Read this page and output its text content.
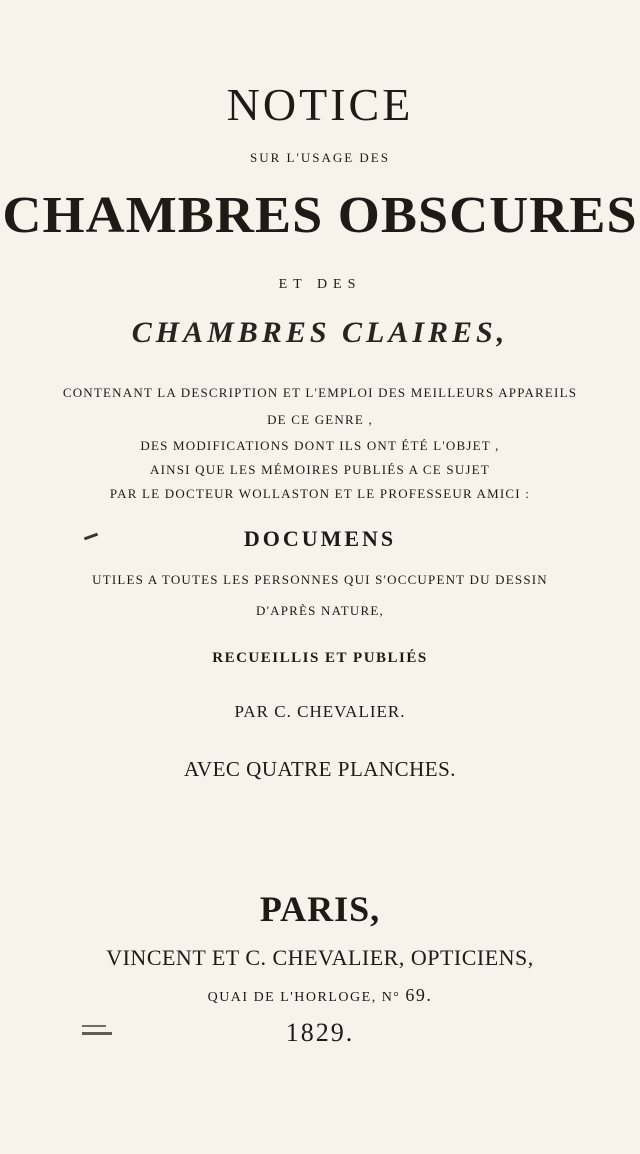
NOTICE
SUR L'USAGE DES
CHAMBRES OBSCURES
ET DES
CHAMBRES CLAIRES,
CONTENANT LA DESCRIPTION ET L'EMPLOI DES MEILLEURS APPAREILS
DE CE GENRE ,
DES MODIFICATIONS DONT ILS ONT ÉTÉ L'OBJET ,
AINSI QUE LES MÉMOIRES PUBLIÉS A CE SUJET
PAR LE DOCTEUR WOLLASTON ET LE PROFESSEUR AMICI :
DOCUMENS
UTILES A TOUTES LES PERSONNES QUI S'OCCUPENT DU DESSIN
D'APRÈS NATURE,
RECUEILLIS ET PUBLIÉS
PAR C. CHEVALIER.
AVEC QUATRE PLANCHES.
PARIS,
VINCENT ET C. CHEVALIER, OPTICIENS,
QUAI DE L'HORLOGE, N° 69.
1829.
